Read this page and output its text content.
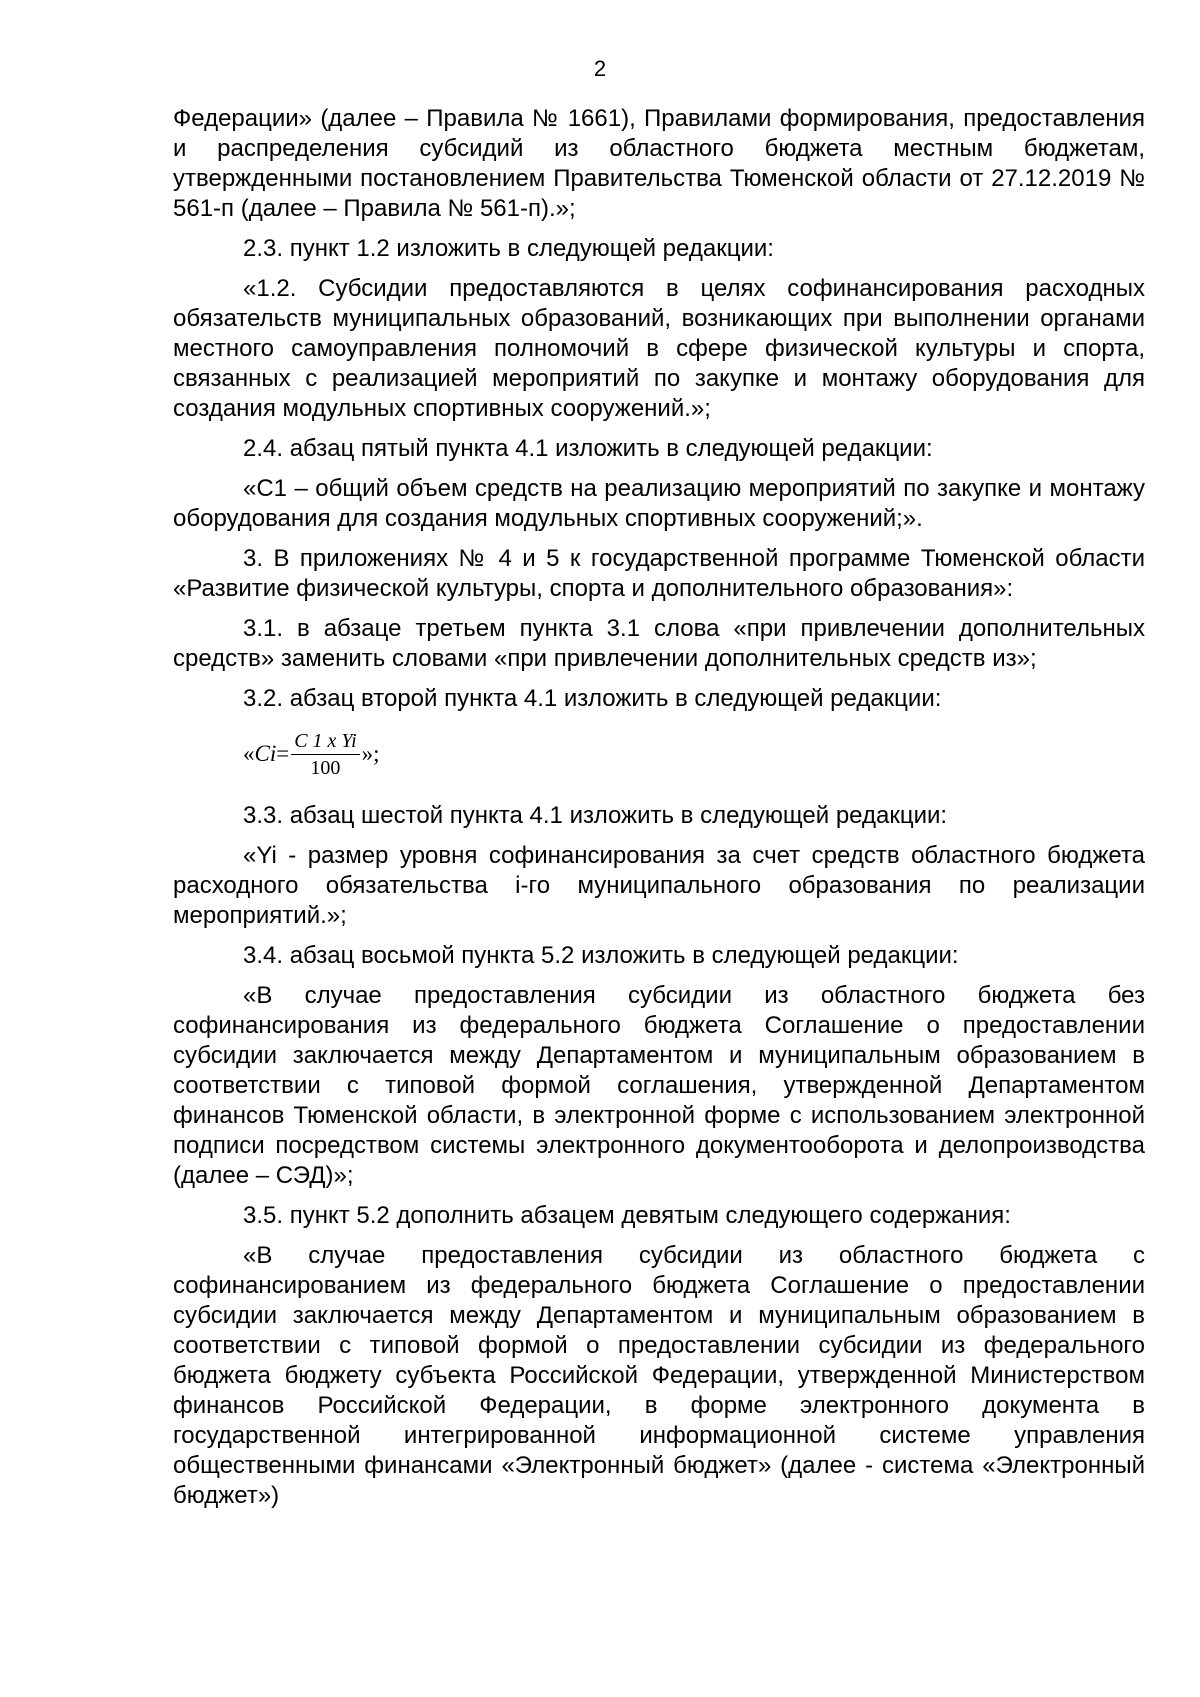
2

Федерации» (далее – Правила № 1661), Правилами формирования, предоставления и распределения субсидий из областного бюджета местным бюджетам, утвержденными постановлением Правительства Тюменской области от 27.12.2019 № 561-п (далее – Правила № 561-п).»;

2.3. пункт 1.2 изложить в следующей редакции:

«1.2. Субсидии предоставляются в целях софинансирования расходных обязательств муниципальных образований, возникающих при выполнении органами местного самоуправления полномочий в сфере физической культуры и спорта, связанных с реализацией мероприятий по закупке и монтажу оборудования для создания модульных спортивных сооружений.»;

2.4. абзац пятый пункта 4.1 изложить в следующей редакции:

«С1 – общий объем средств на реализацию мероприятий по закупке и монтажу оборудования для создания модульных спортивных сооружений;».

3. В приложениях № 4 и 5 к государственной программе Тюменской области «Развитие физической культуры, спорта и дополнительного образования»:

3.1. в абзаце третьем пункта 3.1 слова «при привлечении дополнительных средств» заменить словами «при привлечении дополнительных средств из»;

3.2. абзац второй пункта 4.1 изложить в следующей редакции:

« $Ci = \frac{\text{C 1 x Yi}}{100}$ »;

3.3. абзац шестой пункта 4.1 изложить в следующей редакции:

«Yi - размер уровня софинансирования за счет средств областного бюджета расходного обязательства i-го муниципального образования по реализации мероприятий.»;

3.4. абзац восьмой пункта 5.2 изложить в следующей редакции:

«В случае предоставления субсидии из областного бюджета без софинансирования из федерального бюджета Соглашение о предоставлении субсидии заключается между Департаментом и муниципальным образованием в соответствии с типовой формой соглашения, утвержденной Департаментом финансов Тюменской области, в электронной форме с использованием электронной подписи посредством системы электронного документооборота и делопроизводства (далее – СЭД)»;

3.5. пункт 5.2 дополнить абзацем девятым следующего содержания:

«В случае предоставления субсидии из областного бюджета с софинансированием из федерального бюджета Соглашение о предоставлении субсидии заключается между Департаментом и муниципальным образованием в соответствии с типовой формой о предоставлении субсидии из федерального бюджета бюджету субъекта Российской Федерации, утвержденной Министерством финансов Российской Федерации, в форме электронного документа в государственной интегрированной информационной системе управления общественными финансами «Электронный бюджет» (далее - система «Электронный бюджет»)
